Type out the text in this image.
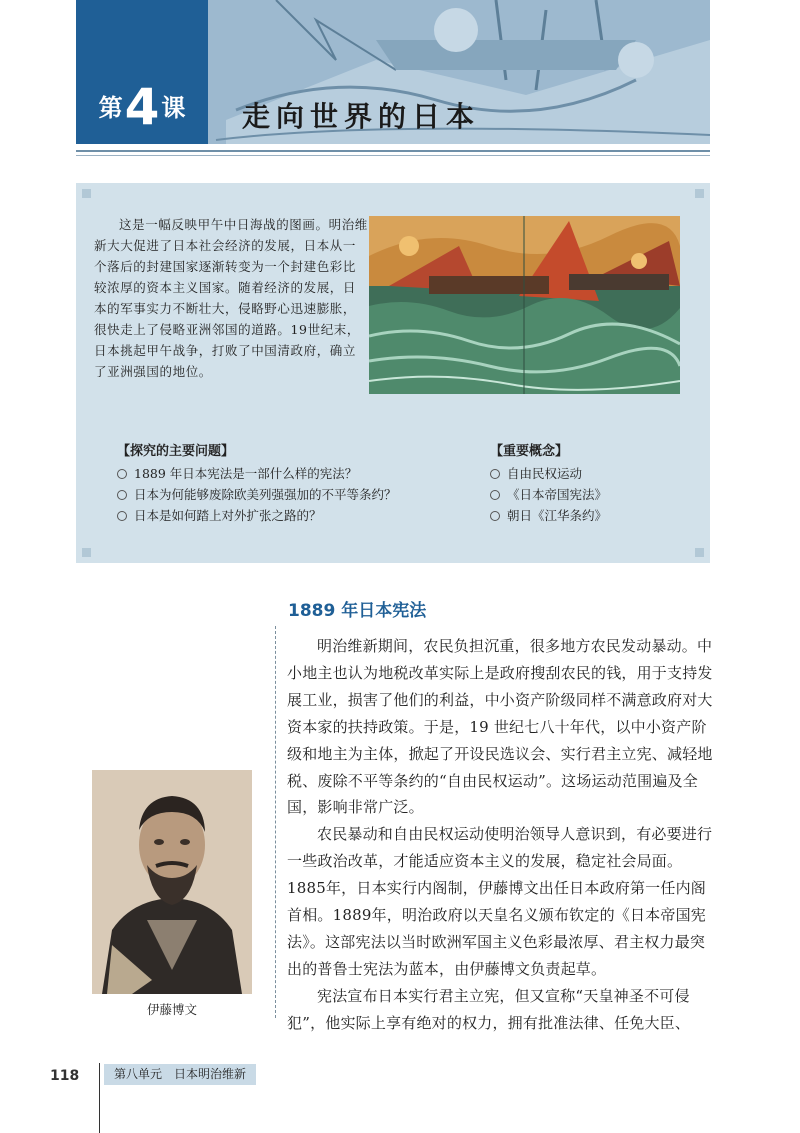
第4课	走向世界的日本

这是一幅反映甲午中日海战的图画。明治维新大大促进了日本社会经济的发展，日本从一个落后的封建国家逐渐转变为一个封建色彩比较浓厚的资本主义国家。随着经济的发展，日本的军事实力不断壮大，侵略野心迅速膨胀，很快走上了侵略亚洲邻国的道路。19世纪末，日本挑起甲午战争，打败了中国清政府，确立了亚洲强国的地位。

【探究的主要问题】
1889 年日本宪法是一部什么样的宪法？
日本为何能够废除欧美列强强加的不平等条约？
日本是如何踏上对外扩张之路的？
【重要概念】
自由民权运动
《日本帝国宪法》
朝日《江华条约》
1889 年日本宪法

明治维新期间，农民负担沉重，很多地方农民发动暴动。中小地主也认为地税改革实际上是政府搜刮农民的钱，用于支持发展工业，损害了他们的利益，中小资产阶级同样不满意政府对大资本家的扶持政策。于是，19 世纪七八十年代，以中小资产阶级和地主为主体，掀起了开设民选议会、实行君主立宪、减轻地税、废除不平等条约的“自由民权运动”。这场运动范围遍及全国，影响非常广泛。

农民暴动和自由民权运动使明治领导人意识到，有必要进行一些政治改革，才能适应资本主义的发展，稳定社会局面。1885年，日本实行内阁制，伊藤博文出任日本政府第一任内阁首相。1889年，明治政府以天皇名义颁布钦定的《日本帝国宪法》。这部宪法以当时欧洲军国主义色彩最浓厚、君主权力最突出的普鲁士宪法为蓝本，由伊藤博文负责起草。

宪法宣布日本实行君主立宪，但又宣称“天皇神圣不可侵犯”，他实际上享有绝对的权力，拥有批准法律、任免大臣、

伊藤博文
118	第八单元 日本明治维新
